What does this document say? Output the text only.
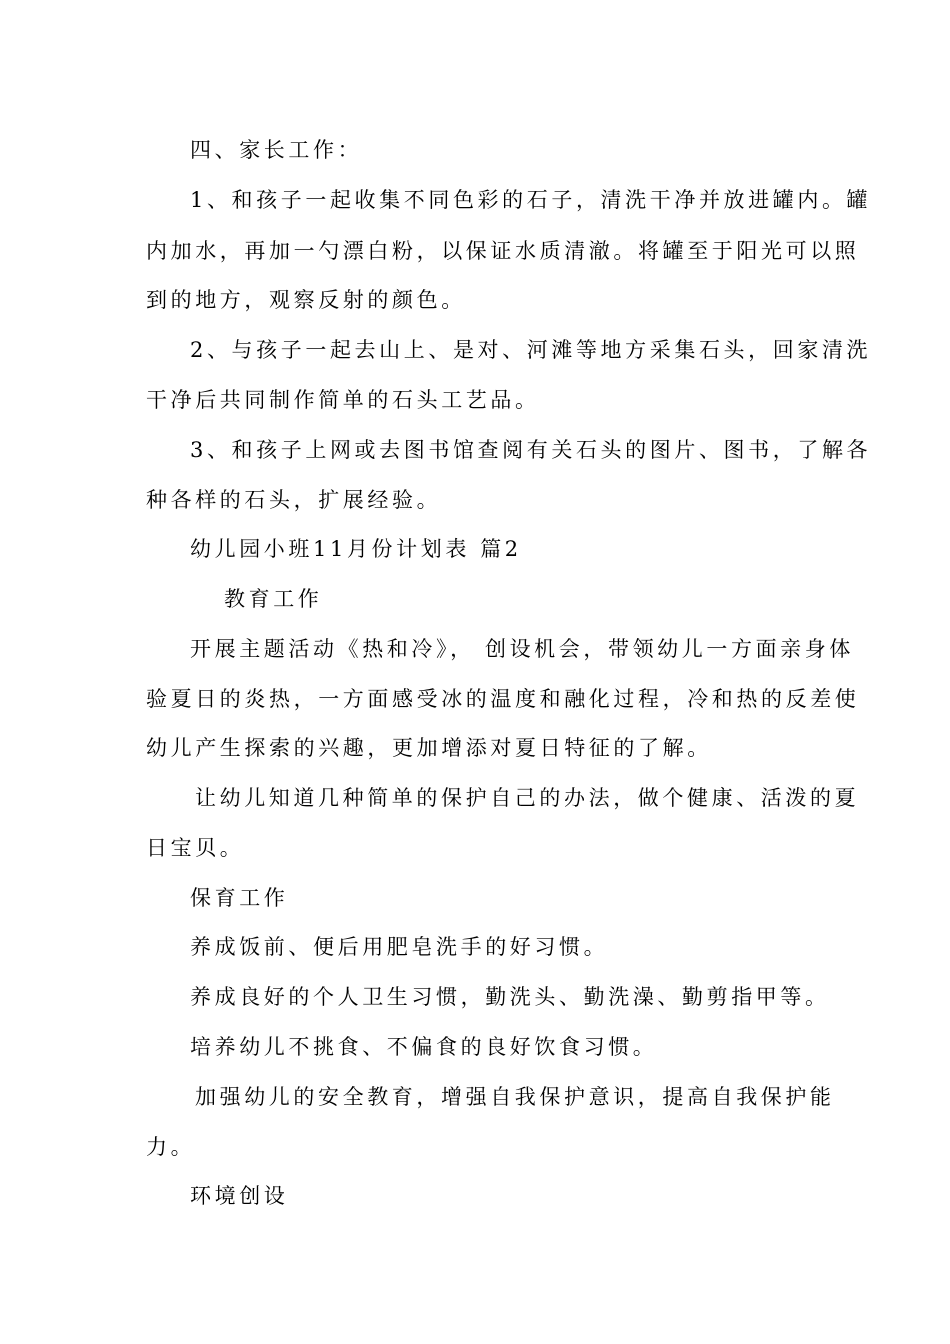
四、家长工作：
1、和孩子一起收集不同色彩的石子，清洗干净并放进罐内。罐
内加水，再加一勺漂白粉，以保证水质清澈。将罐至于阳光可以照
到的地方，观察反射的颜色。
2、与孩子一起去山上、是对、河滩等地方采集石头，回家清洗
干净后共同制作简单的石头工艺品。
3、和孩子上网或去图书馆查阅有关石头的图片、图书，了解各
种各样的石头，扩展经验。
幼儿园小班11月份计划表 篇2
教育工作
开展主题活动《热和冷》， 创设机会，带领幼儿一方面亲身体
验夏日的炎热，一方面感受冰的温度和融化过程，冷和热的反差使
幼儿产生探索的兴趣，更加增添对夏日特征的了解。
让幼儿知道几种简单的保护自己的办法，做个健康、活泼的夏
日宝贝。
保育工作
养成饭前、便后用肥皂洗手的好习惯。
养成良好的个人卫生习惯，勤洗头、勤洗澡、勤剪指甲等。
培养幼儿不挑食、不偏食的良好饮食习惯。
加强幼儿的安全教育，增强自我保护意识，提高自我保护能
力。
环境创设
